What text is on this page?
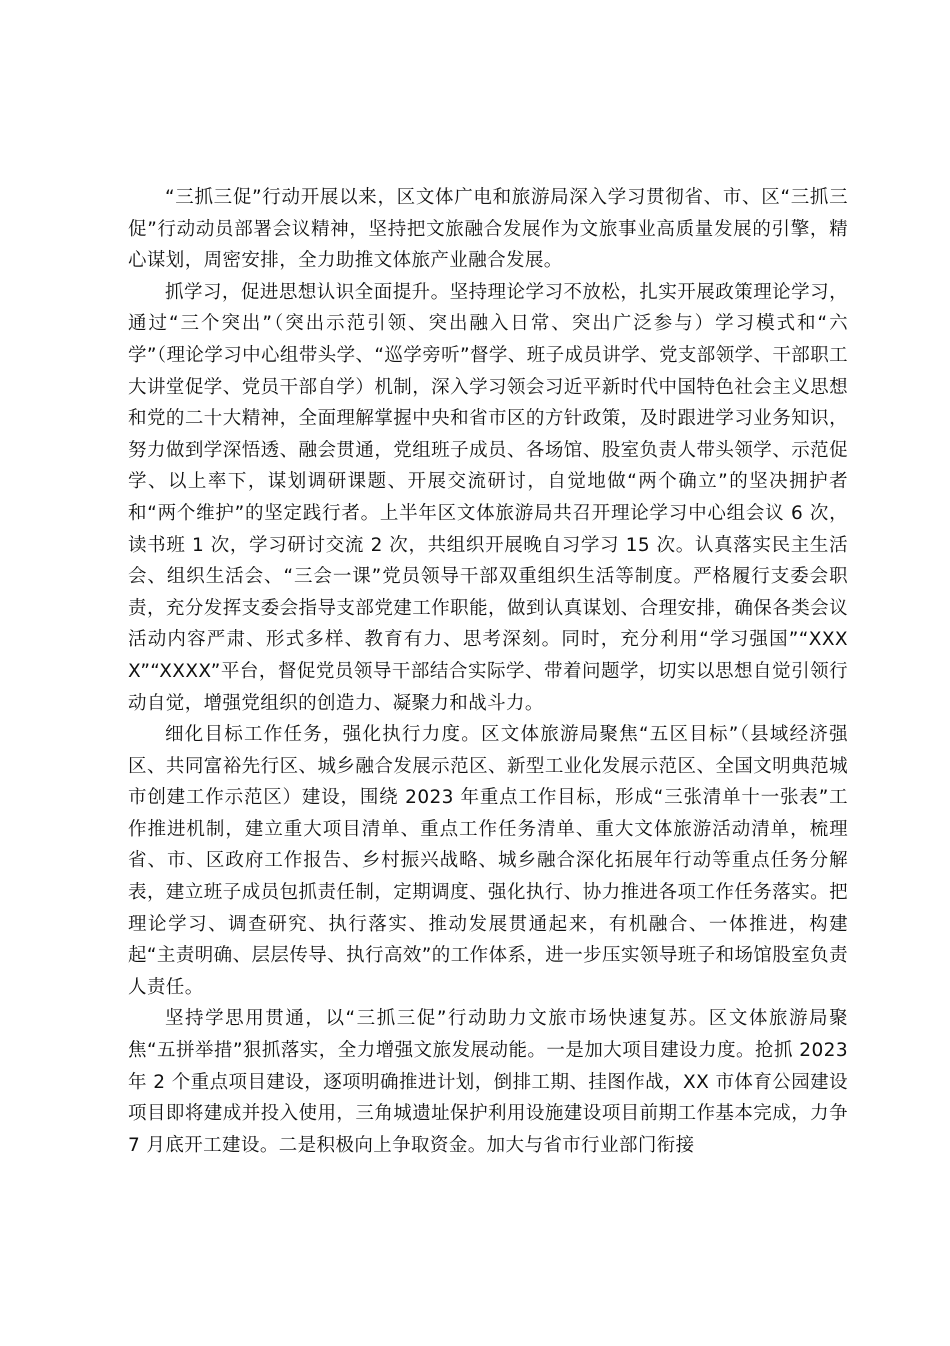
“三抓三促”行动开展以来，区文体广电和旅游局深入学习贯彻省、市、区“三抓三促”行动动员部署会议精神，坚持把文旅融合发展作为文旅事业高质量发展的引擎，精心谋划，周密安排，全力助推文体旅产业融合发展。

抓学习，促进思想认识全面提升。坚持理论学习不放松，扎实开展政策理论学习，通过“三个突出”（突出示范引领、突出融入日常、突出广泛参与）学习模式和“六学”（理论学习中心组带头学、“巡学旁听”督学、班子成员讲学、党支部领学、干部职工大讲堂促学、党员干部自学）机制，深入学习领会习近平新时代中国特色社会主义思想和党的二十大精神，全面理解掌握中央和省市区的方针政策，及时跟进学习业务知识，努力做到学深悟透、融会贯通，党组班子成员、各场馆、股室负责人带头领学、示范促学、以上率下，谋划调研课题、开展交流研讨，自觉地做“两个确立”的坚决拥护者和“两个维护”的坚定践行者。上半年区文体旅游局共召开理论学习中心组会议 6 次，读书班 1 次，学习研讨交流 2 次，共组织开展晚自习学习 15 次。认真落实民主生活会、组织生活会、“三会一课”党员领导干部双重组织生活等制度。严格履行支委会职责，充分发挥支委会指导支部党建工作职能，做到认真谋划、合理安排，确保各类会议活动内容严肃、形式多样、教育有力、思考深刻。同时，充分利用“学习强国”“XXXX”“XXXX”平台，督促党员领导干部结合实际学、带着问题学，切实以思想自觉引领行动自觉，增强党组织的创造力、凝聚力和战斗力。

细化目标工作任务，强化执行力度。区文体旅游局聚焦“五区目标”（县域经济强区、共同富裕先行区、城乡融合发展示范区、新型工业化发展示范区、全国文明典范城市创建工作示范区）建设，围绕 2023 年重点工作目标，形成“三张清单十一张表”工作推进机制，建立重大项目清单、重点工作任务清单、重大文体旅游活动清单，梳理省、市、区政府工作报告、乡村振兴战略、城乡融合深化拓展年行动等重点任务分解表，建立班子成员包抓责任制，定期调度、强化执行、协力推进各项工作任务落实。把理论学习、调查研究、执行落实、推动发展贯通起来，有机融合、一体推进，构建起“主责明确、层层传导、执行高效”的工作体系，进一步压实领导班子和场馆股室负责人责任。

坚持学思用贯通，以“三抓三促”行动助力文旅市场快速复苏。区文体旅游局聚焦“五拼举措”狠抓落实，全力增强文旅发展动能。一是加大项目建设力度。抢抓 2023 年 2 个重点项目建设，逐项明确推进计划，倒排工期、挂图作战，XX 市体育公园建设项目即将建成并投入使用，三角城遗址保护利用设施建设项目前期工作基本完成，力争 7 月底开工建设。二是积极向上争取资金。加大与省市行业部门衔接
